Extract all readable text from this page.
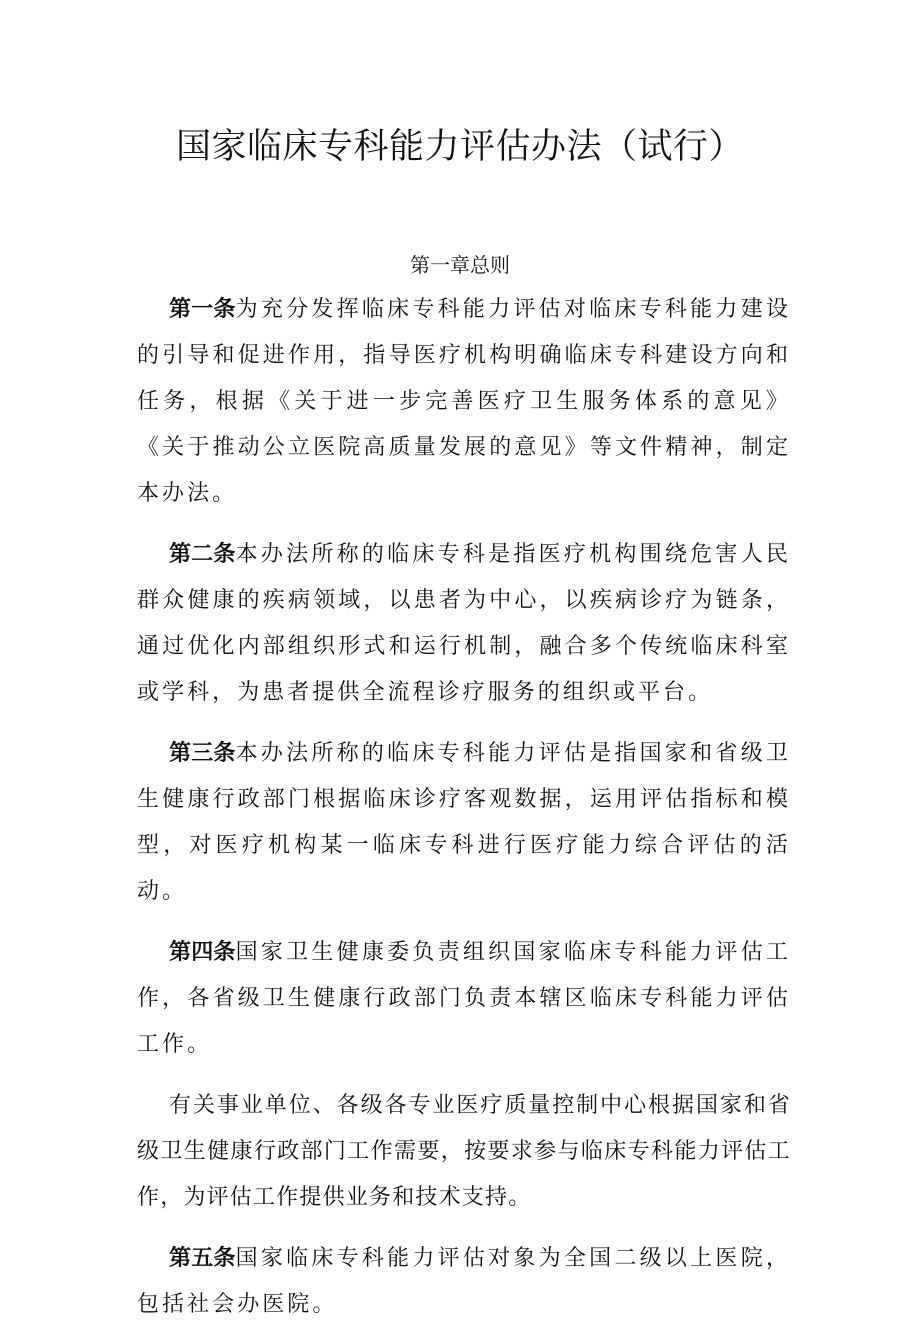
国家临床专科能力评估办法（试行）
第一章总则

第一条为充分发挥临床专科能力评估对临床专科能力建设的引导和促进作用，指导医疗机构明确临床专科建设方向和任务，根据《关于进一步完善医疗卫生服务体系的意见》《关于推动公立医院高质量发展的意见》等文件精神，制定本办法。

第二条本办法所称的临床专科是指医疗机构围绕危害人民群众健康的疾病领域，以患者为中心，以疾病诊疗为链条，通过优化内部组织形式和运行机制，融合多个传统临床科室或学科，为患者提供全流程诊疗服务的组织或平台。

第三条本办法所称的临床专科能力评估是指国家和省级卫生健康行政部门根据临床诊疗客观数据，运用评估指标和模型，对医疗机构某一临床专科进行医疗能力综合评估的活动。

第四条国家卫生健康委负责组织国家临床专科能力评估工作，各省级卫生健康行政部门负责本辖区临床专科能力评估工作。

有关事业单位、各级各专业医疗质量控制中心根据国家和省级卫生健康行政部门工作需要，按要求参与临床专科能力评估工作，为评估工作提供业务和技术支持。

第五条国家临床专科能力评估对象为全国二级以上医院，包括社会办医院。
